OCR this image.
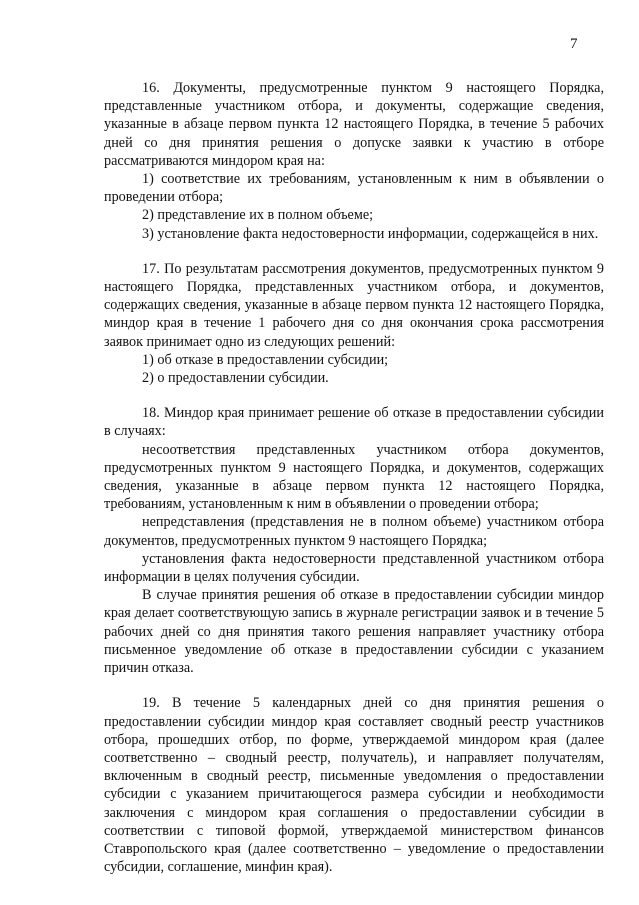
7

16. Документы, предусмотренные пунктом 9 настоящего Порядка, представленные участником отбора, и документы, содержащие сведения, указанные в абзаце первом пункта 12 настоящего Порядка, в течение 5 рабочих дней со дня принятия решения о допуске заявки к участию в отборе рассматриваются миндором края на:

1) соответствие их требованиям, установленным к ним в объявлении о проведении отбора;

2) представление их в полном объеме;

3) установление факта недостоверности информации, содержащейся в них.

17. По результатам рассмотрения документов, предусмотренных пунктом 9 настоящего Порядка, представленных участником отбора, и документов, содержащих сведения, указанные в абзаце первом пункта 12 настоящего Порядка, миндор края в течение 1 рабочего дня со дня окончания срока рассмотрения заявок принимает одно из следующих решений:

1) об отказе в предоставлении субсидии;

2) о предоставлении субсидии.

18. Миндор края принимает решение об отказе в предоставлении субсидии в случаях:

несоответствия представленных участником отбора документов, предусмотренных пунктом 9 настоящего Порядка, и документов, содержащих сведения, указанные в абзаце первом пункта 12 настоящего Порядка, требованиям, установленным к ним в объявлении о проведении отбора;

непредставления (представления не в полном объеме) участником отбора документов, предусмотренных пунктом 9 настоящего Порядка;

установления факта недостоверности представленной участником отбора информации в целях получения субсидии.

В случае принятия решения об отказе в предоставлении субсидии миндор края делает соответствующую запись в журнале регистрации заявок и в течение 5 рабочих дней со дня принятия такого решения направляет участнику отбора письменное уведомление об отказе в предоставлении субсидии с указанием причин отказа.

19. В течение 5 календарных дней со дня принятия решения о предоставлении субсидии миндор края составляет сводный реестр участников отбора, прошедших отбор, по форме, утверждаемой миндором края (далее соответственно – сводный реестр, получатель), и направляет получателям, включенным в сводный реестр, письменные уведомления о предоставлении субсидии с указанием причитающегося размера субсидии и необходимости заключения с миндором края соглашения о предоставлении субсидии в соответствии с типовой формой, утверждаемой министерством финансов Ставропольского края (далее соответственно – уведомление о предоставлении субсидии, соглашение, минфин края).
